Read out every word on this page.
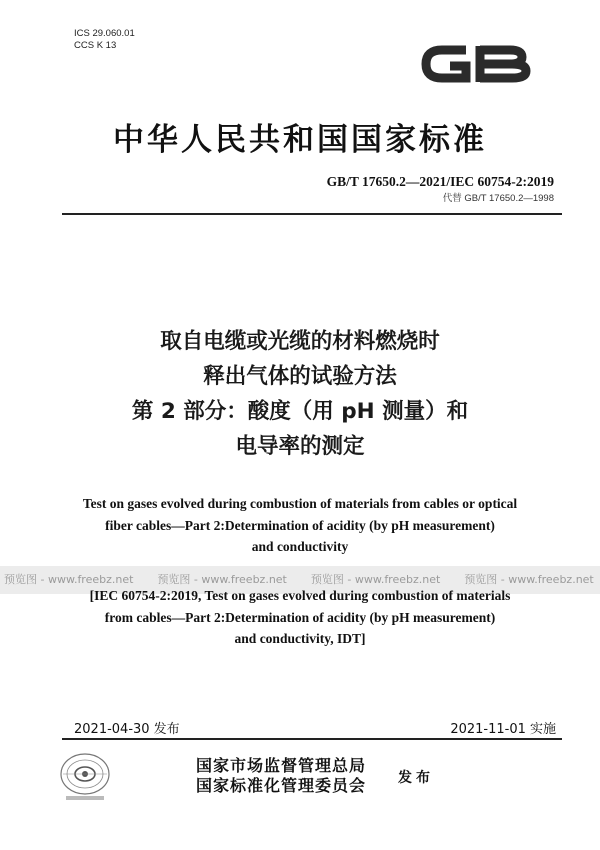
ICS 29.060.01
CCS K 13
中华人民共和国国家标准
GB/T 17650.2—2021/IEC 60754-2:2019
代替 GB/T 17650.2—1998
取自电缆或光缆的材料燃烧时
释出气体的试验方法
第 2 部分：酸度（用 pH 测量）和
电导率的测定
Test on gases evolved during combustion of materials from cables or optical
fiber cables—Part 2:Determination of acidity (by pH measurement)
and conductivity
预览图 - www.freebz.net 预览图 - www.freebz.net 预览图 - www.freebz.net 预览图 - www.freebz.net
[IEC 60754-2:2019, Test on gases evolved during combustion of materials
from cables—Part 2:Determination of acidity (by pH measurement)
and conductivity, IDT]
2021-04-30 发布	2021-11-01 实施
国家市场监督管理总局
国家标准化管理委员会 发布
